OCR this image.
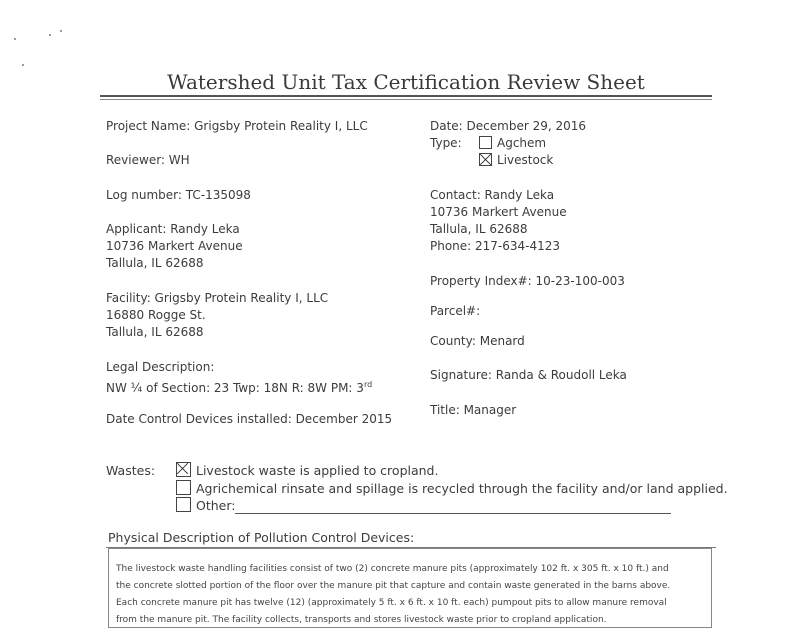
Watershed Unit Tax Certification Review Sheet
Project Name: Grigsby Protein Reality I, LLC
Reviewer: WH
Log number: TC-135098
Applicant: Randy Leka
10736 Markert Avenue
Tallula, IL 62688
Facility: Grigsby Protein Reality I, LLC
16880 Rogge St.
Tallula, IL 62688
Legal Description:
NW ¼ of Section: 23 Twp: 18N R: 8W PM: 3rd
Date Control Devices installed: December 2015
Date: December 29, 2016
Type:	Agchem
Livestock
Contact: Randy Leka
10736 Markert Avenue
Tallula, IL 62688
Phone: 217-634-4123
Property Index#: 10-23-100-003
Parcel#:
County: Menard
Signature: Randa & Roudoll Leka
Title: Manager
Wastes:	Livestock waste is applied to cropland.
Agrichemical rinsate and spillage is recycled through the facility and/or land applied.
Other:
Physical Description of Pollution Control Devices:
The livestock waste handling facilities consist of two (2) concrete manure pits (approximately 102 ft. x 305 ft. x 10 ft.) and
the concrete slotted portion of the floor over the manure pit that capture and contain waste generated in the barns above.
Each concrete manure pit has twelve (12) (approximately 5 ft. x 6 ft. x 10 ft. each) pumpout pits to allow manure removal
from the manure pit. The facility collects, transports and stores livestock waste prior to cropland application.
